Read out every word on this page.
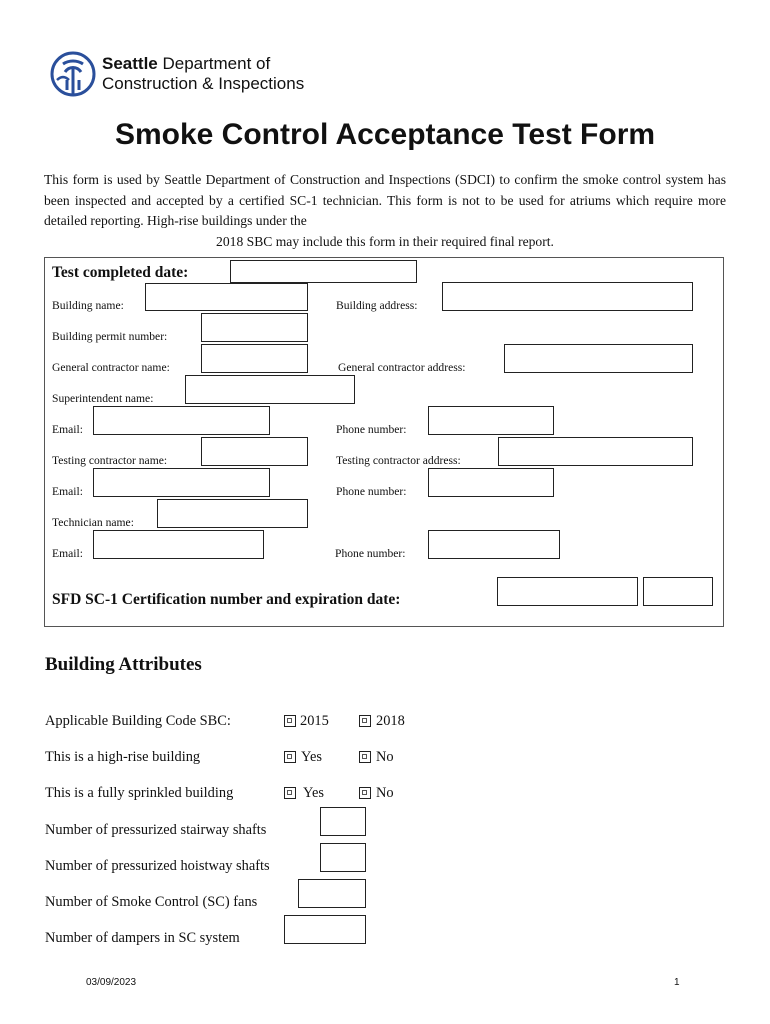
Seattle Department of
Construction & Inspections
Smoke Control Acceptance Test Form
This form is used by Seattle Department of Construction and Inspections (SDCI) to confirm the smoke control system has been inspected and accepted by a certified SC-1 technician. This form is not to be used for atriums which require more detailed reporting. High-rise buildings under the
2018 SBC may include this form in their required final report.
Test completed date:
Building name:	Building address:
Building permit number:
General contractor name:	General contractor address:
Superintendent name:
Email:	Phone number:
Testing contractor name:	Testing contractor address:
Email:	Phone number:
Technician name:
Email:	Phone number:
SFD SC-1 Certification number and expiration date:
Building Attributes
Applicable Building Code SBC:	2015	2018
This is a high-rise building	Yes	No
This is a fully sprinkled building	Yes	No
Number of pressurized stairway shafts
Number of pressurized hoistway shafts
Number of Smoke Control (SC) fans
Number of dampers in SC system
03/09/2023	1
